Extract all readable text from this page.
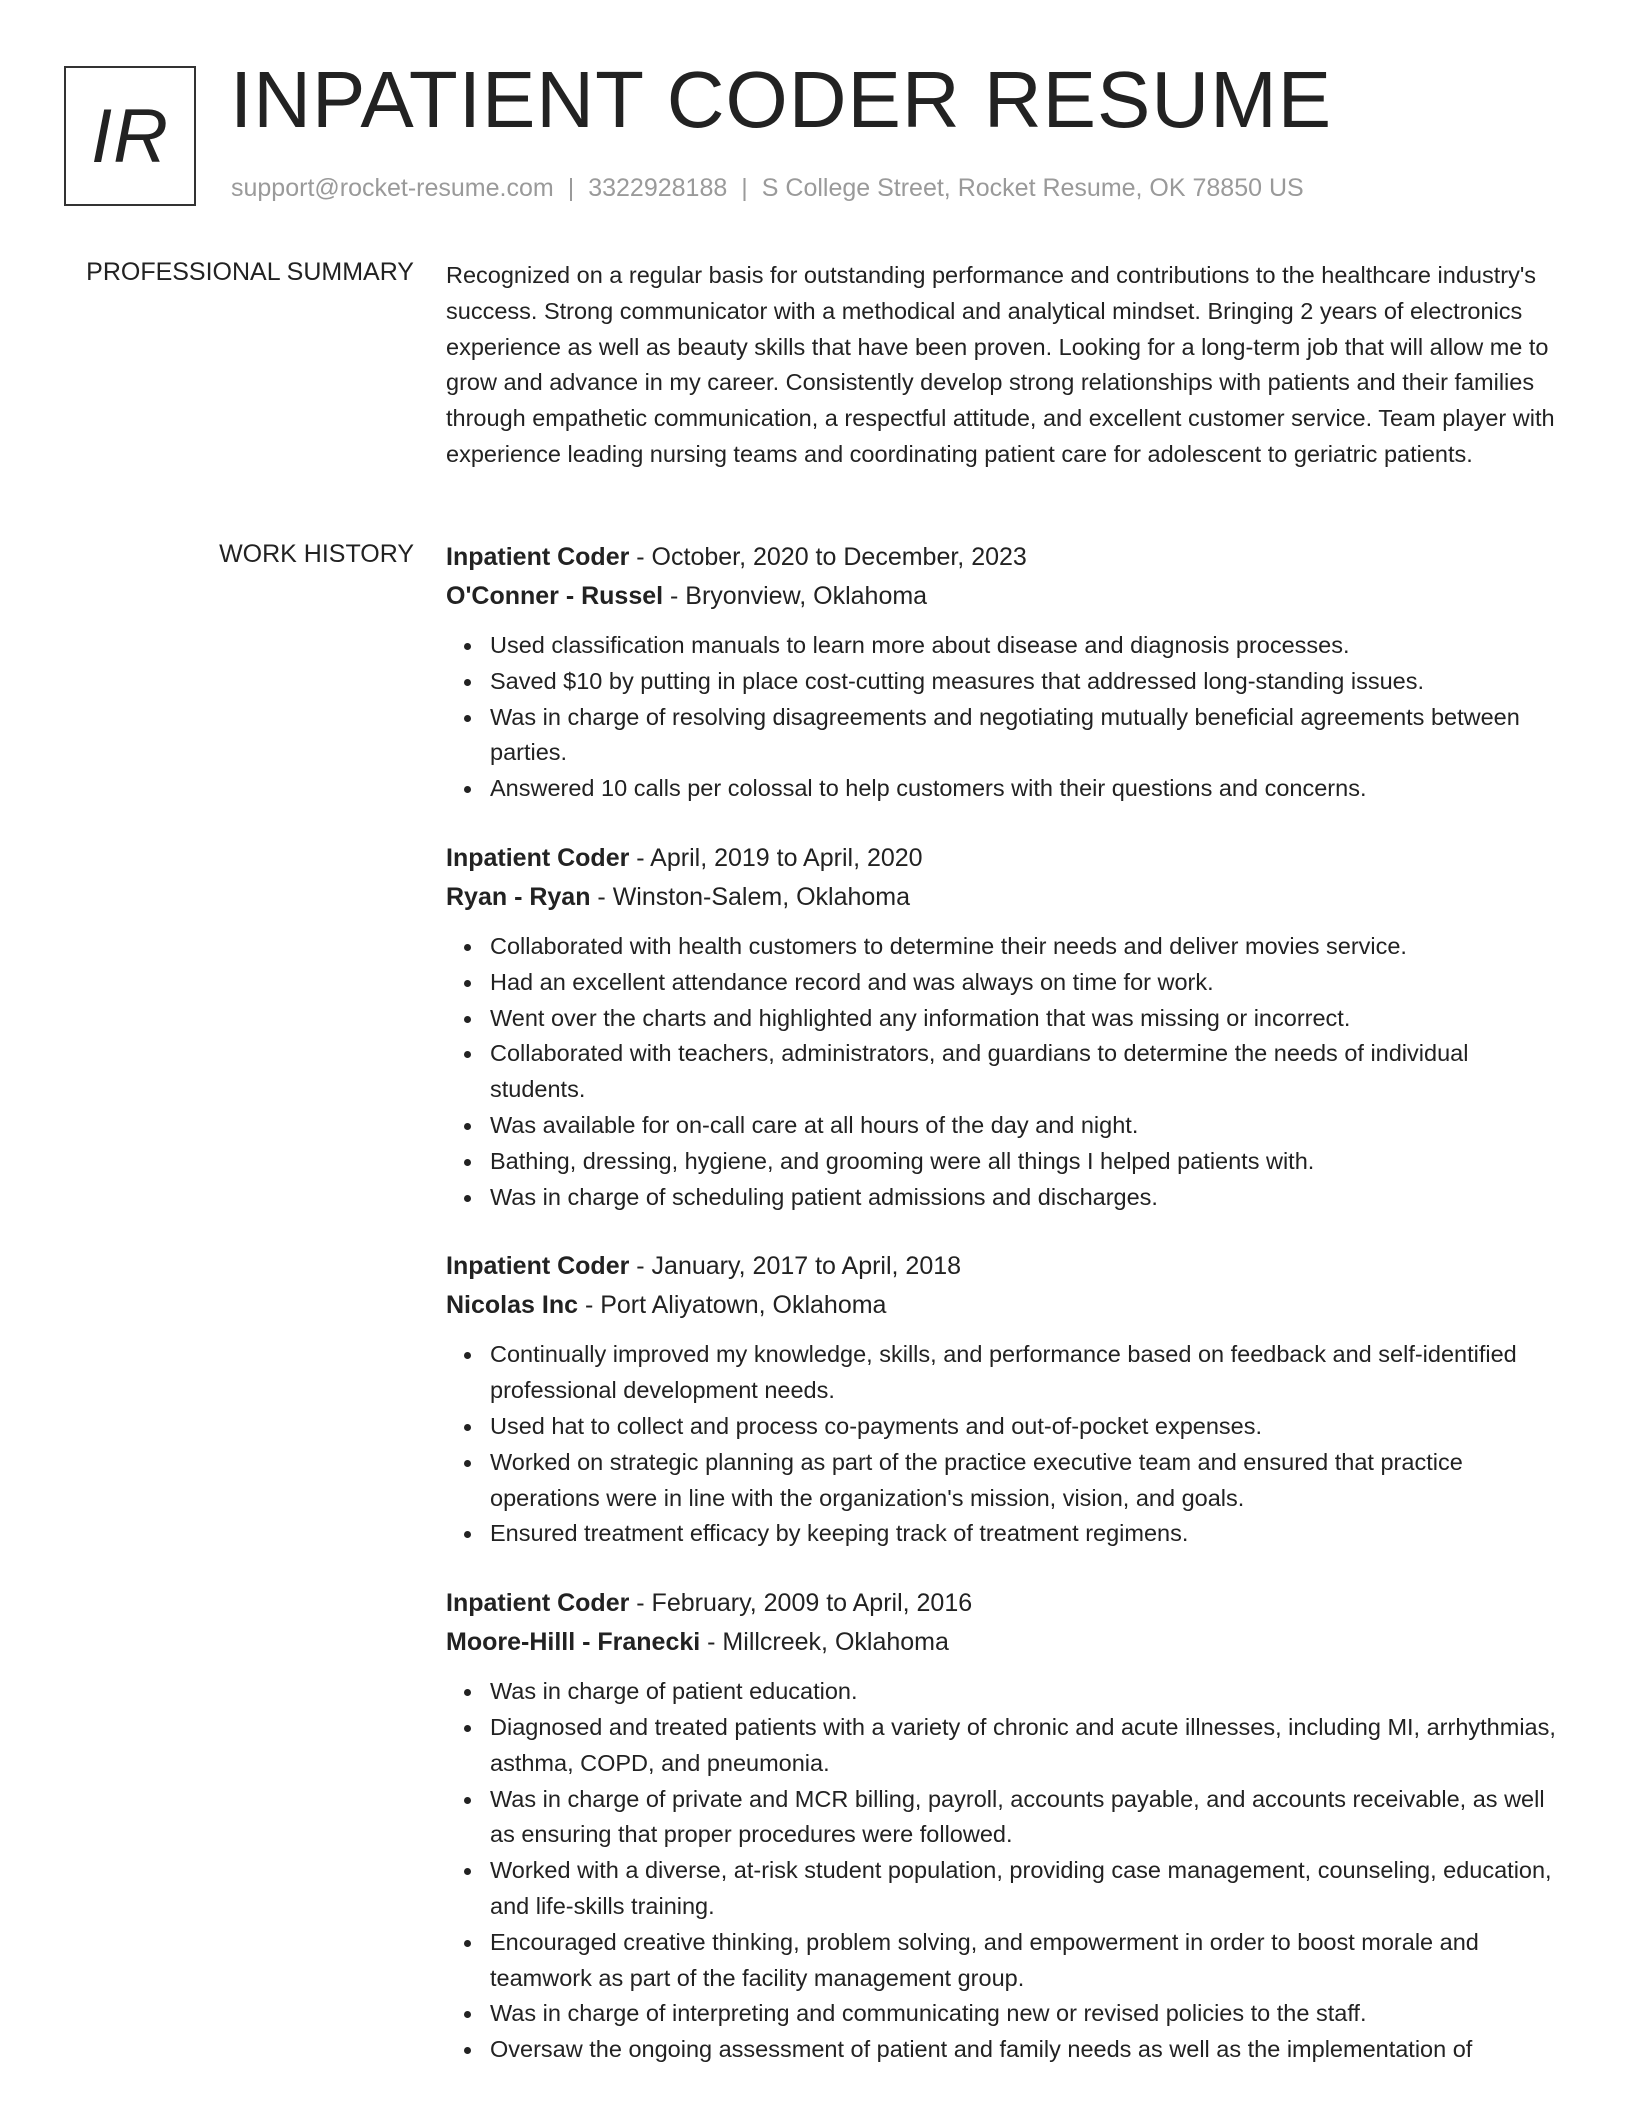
IR INPATIENT CODER RESUME
support@rocket-resume.com | 3322928188 | S College Street, Rocket Resume, OK 78850 US
PROFESSIONAL SUMMARY Recognized on a regular basis for outstanding performance and contributions to the healthcare industry's success. Strong communicator with a methodical and analytical mindset. Bringing 2 years of electronics experience as well as beauty skills that have been proven. Looking for a long-term job that will allow me to grow and advance in my career. Consistently develop strong relationships with patients and their families through empathetic communication, a respectful attitude, and excellent customer service. Team player with experience leading nursing teams and coordinating patient care for adolescent to geriatric patients.

WORK HISTORY Inpatient Coder - October, 2020 to December, 2023
O'Conner - Russel - Bryonview, Oklahoma
Used classification manuals to learn more about disease and diagnosis processes.
Saved $10 by putting in place cost-cutting measures that addressed long-standing issues.
Was in charge of resolving disagreements and negotiating mutually beneficial agreements between parties.
Answered 10 calls per colossal to help customers with their questions and concerns.
Inpatient Coder - April, 2019 to April, 2020
Ryan - Ryan - Winston-Salem, Oklahoma
Collaborated with health customers to determine their needs and deliver movies service.
Had an excellent attendance record and was always on time for work.
Went over the charts and highlighted any information that was missing or incorrect.
Collaborated with teachers, administrators, and guardians to determine the needs of individual students.
Was available for on-call care at all hours of the day and night.
Bathing, dressing, hygiene, and grooming were all things I helped patients with.
Was in charge of scheduling patient admissions and discharges.
Inpatient Coder - January, 2017 to April, 2018
Nicolas Inc - Port Aliyatown, Oklahoma
Continually improved my knowledge, skills, and performance based on feedback and self-identified professional development needs.
Used hat to collect and process co-payments and out-of-pocket expenses.
Worked on strategic planning as part of the practice executive team and ensured that practice operations were in line with the organization's mission, vision, and goals.
Ensured treatment efficacy by keeping track of treatment regimens.
Inpatient Coder - February, 2009 to April, 2016
Moore-Hilll - Franecki - Millcreek, Oklahoma
Was in charge of patient education.
Diagnosed and treated patients with a variety of chronic and acute illnesses, including MI, arrhythmias, asthma, COPD, and pneumonia.
Was in charge of private and MCR billing, payroll, accounts payable, and accounts receivable, as well as ensuring that proper procedures were followed.
Worked with a diverse, at-risk student population, providing case management, counseling, education, and life-skills training.
Encouraged creative thinking, problem solving, and empowerment in order to boost morale and teamwork as part of the facility management group.
Was in charge of interpreting and communicating new or revised policies to the staff.
Oversaw the ongoing assessment of patient and family needs as well as the implementation of
